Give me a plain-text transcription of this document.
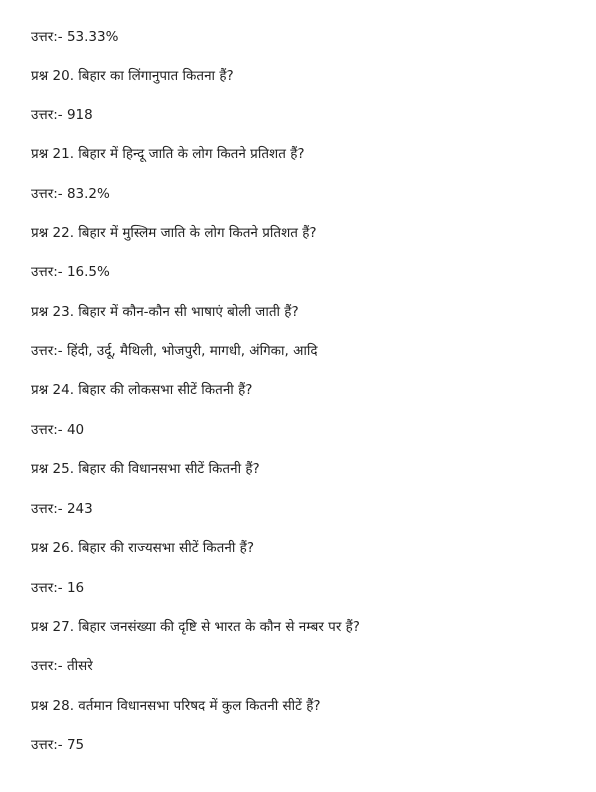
उत्तर:- 53.33%
प्रश्न 20. बिहार का लिंगानुपात कितना हैं?
उत्तर:- 918
प्रश्न 21. बिहार में हिन्दू जाति के लोग कितने प्रतिशत हैं?
उत्तर:- 83.2%
प्रश्न 22. बिहार में मुस्लिम जाति के लोग कितने प्रतिशत हैं?
उत्तर:- 16.5%
प्रश्न 23. बिहार में कौन-कौन सी भाषाएं बोली जाती हैं?
उत्तर:- हिंदी, उर्दू, मैथिली, भोजपुरी, मागधी, अंगिका, आदि
प्रश्न 24. बिहार की लोकसभा सीटें कितनी हैं?
उत्तर:- 40
प्रश्न 25. बिहार की विधानसभा सीटें कितनी हैं?
उत्तर:- 243
प्रश्न 26. बिहार की राज्यसभा सीटें कितनी हैं?
उत्तर:- 16
प्रश्न 27. बिहार जनसंख्या की दृष्टि से भारत के कौन से नम्बर पर हैं?
उत्तर:- तीसरे
प्रश्न 28. वर्तमान विधानसभा परिषद में कुल कितनी सीटें हैं?
उत्तर:- 75
